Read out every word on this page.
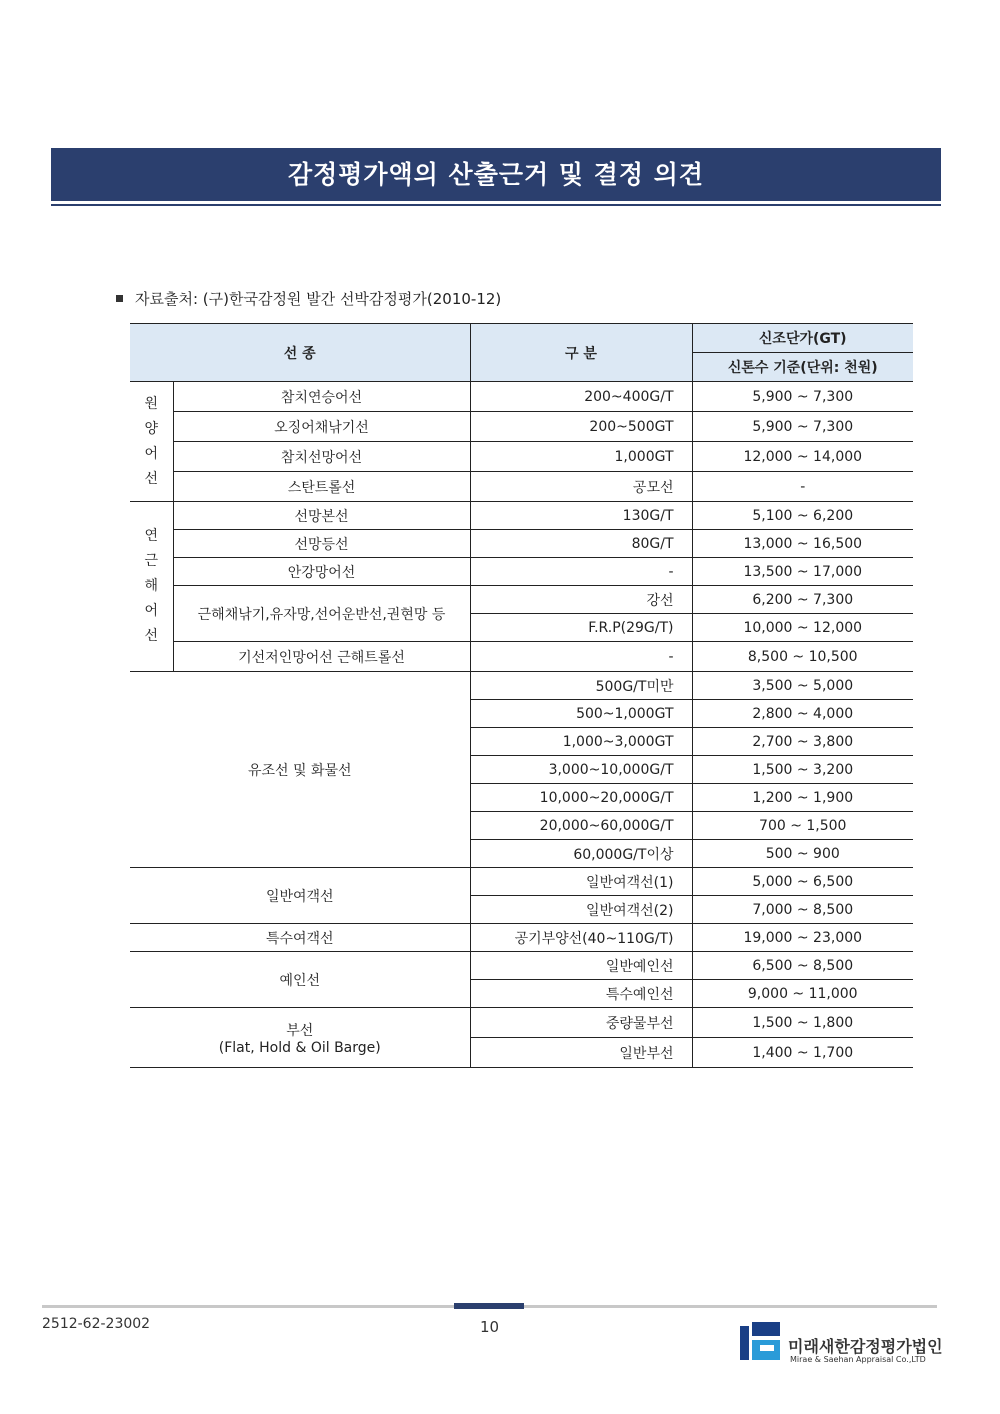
감정평가액의 산출근거 및 결정 의견
자료출처: (구)한국감정원 발간 선박감정평가(2010-12)
선 종		구 분	신조단가(GT)
			신톤수 기준(단위: 천원)
원
양
어
선	참치연승어선	200~400G/T	5,900 ~ 7,300
	오징어채낚기선	200~500GT	5,900 ~ 7,300
	참치선망어선	1,000GT	12,000 ~ 14,000
	스탄트롤선	공모선	-
연
근
해
어
선	선망본선	130G/T	5,100 ~ 6,200
	선망등선	80G/T	13,000 ~ 16,500
	안강망어선	-	13,500 ~ 17,000
	근해채낚기,유자망,선어운반선,권현망 등	강선	6,200 ~ 7,300
		F.R.P(29G/T)	10,000 ~ 12,000
	기선저인망어선 근해트롤선	-	8,500 ~ 10,500
유조선 및 화물선		500G/T미만	3,500 ~ 5,000
		500~1,000GT	2,800 ~ 4,000
		1,000~3,000GT	2,700 ~ 3,800
		3,000~10,000G/T	1,500 ~ 3,200
		10,000~20,000G/T	1,200 ~ 1,900
		20,000~60,000G/T	700 ~ 1,500
		60,000G/T이상	500 ~ 900
일반여객선		일반여객선(1)	5,000 ~ 6,500
		일반여객선(2)	7,000 ~ 8,500
특수여객선		공기부양선(40~110G/T)	19,000 ~ 23,000
예인선		일반예인선	6,500 ~ 8,500
		특수예인선	9,000 ~ 11,000

부선
(Flat, Hold & Oil Barge)		중량물부선	1,500 ~ 1,800
		일반부선	1,400 ~ 1,700
2512-62-23002	10
미래새한감정평가법인
Mirae & Saehan Appraisal Co.,LTD
